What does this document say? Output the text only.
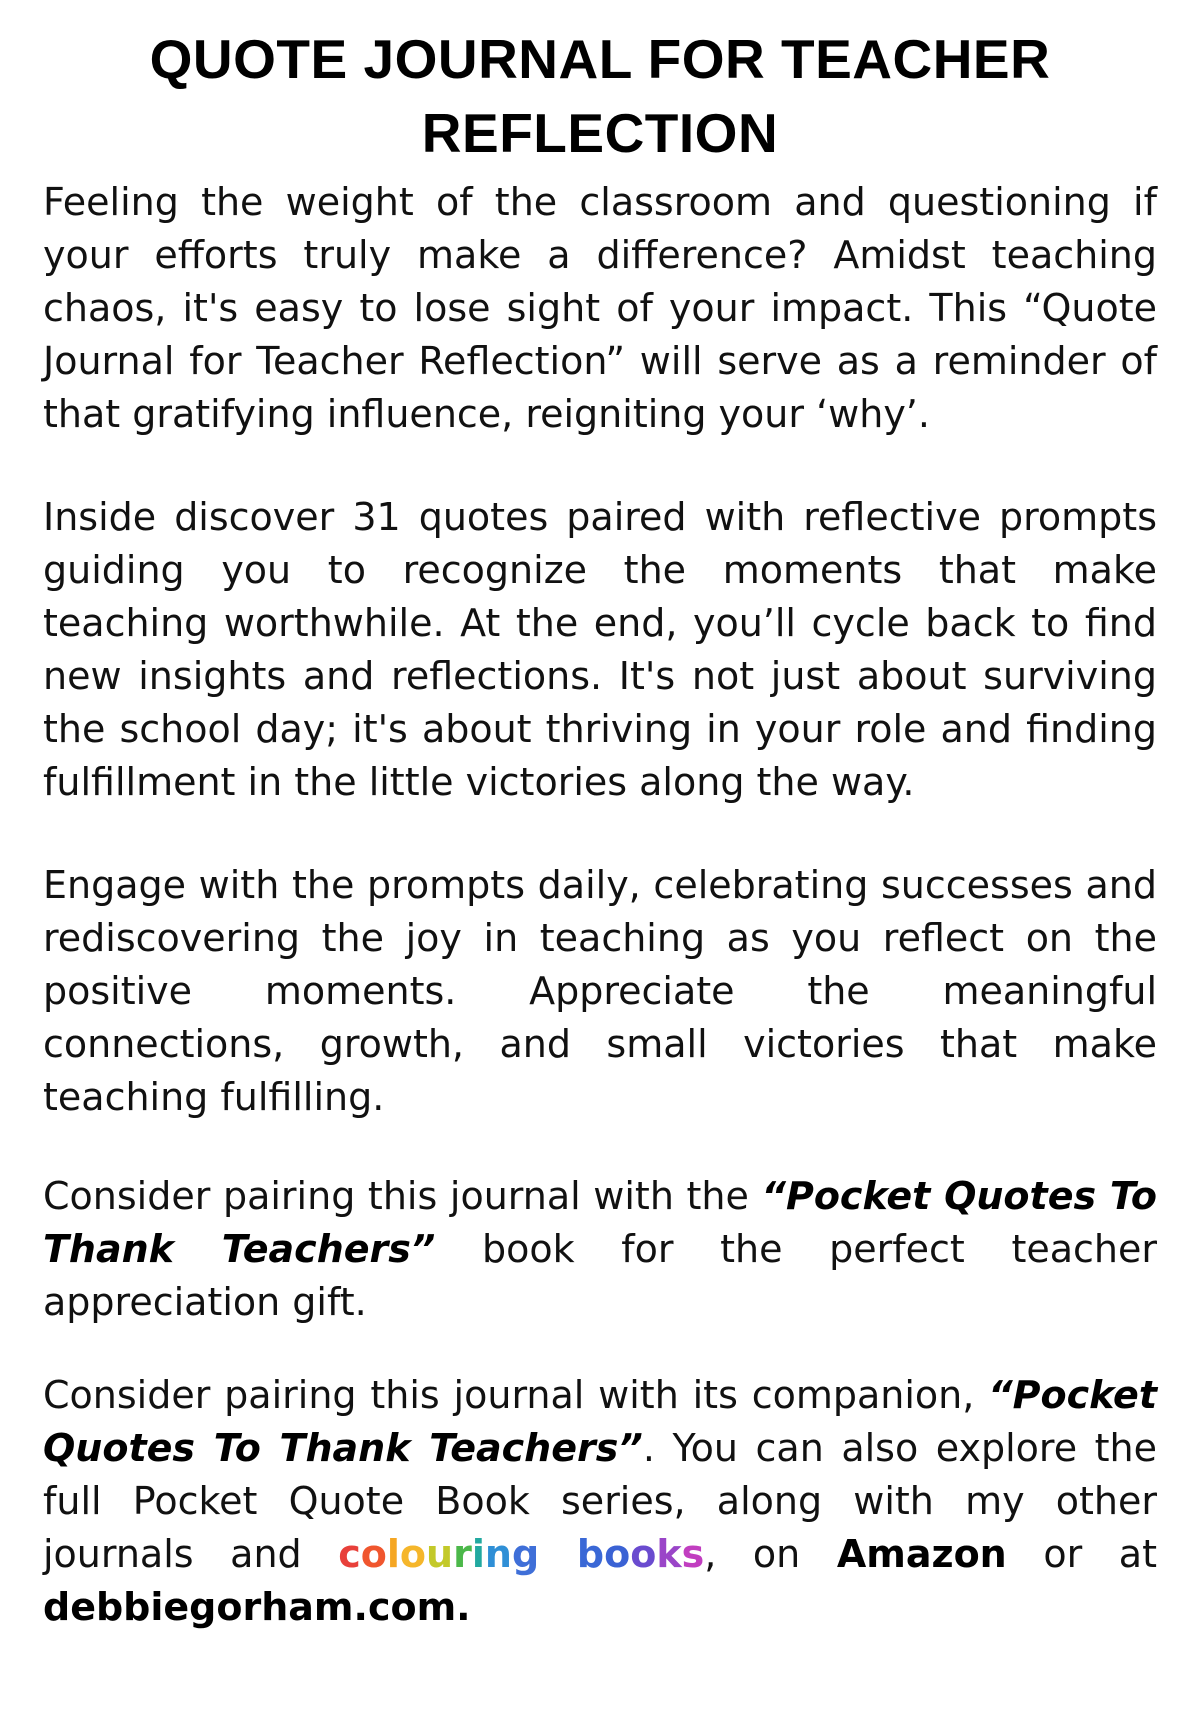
QUOTE JOURNAL FOR TEACHER
REFLECTION

Feeling the weight of the classroom and questioning if your efforts truly make a difference? Amidst teaching chaos, it's easy to lose sight of your impact. This “Quote Journal for Teacher Reflection” will serve as a reminder of that gratifying influence, reigniting your ‘why’.

Inside discover 31 quotes paired with reflective prompts guiding you to recognize the moments that make teaching worthwhile. At the end, you’ll cycle back to find new insights and reflections. It's not just about surviving the school day; it's about thriving in your role and finding fulfillment in the little victories along the way.

Engage with the prompts daily, celebrating successes and rediscovering the joy in teaching as you reflect on the positive moments. Appreciate the meaningful connections, growth, and small victories that make teaching fulfilling.

Consider pairing this journal with the “Pocket Quotes To Thank Teachers” book for the perfect teacher appreciation gift.

Consider pairing this journal with its companion, “Pocket Quotes To Thank Teachers”. You can also explore the full Pocket Quote Book series, along with my other journals and colouring books, on Amazon or at debbiegorham.com.
